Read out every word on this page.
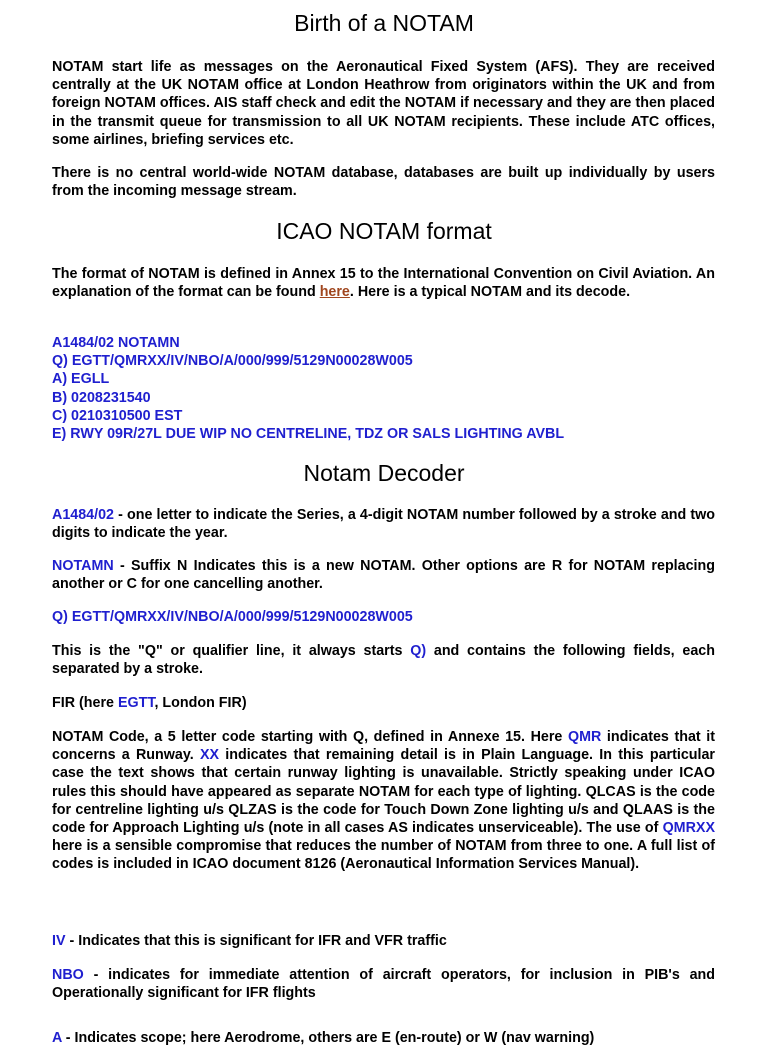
Birth of a NOTAM

NOTAM start life as messages on the Aeronautical Fixed System (AFS). They are received centrally at the UK NOTAM office at London Heathrow from originators within the UK and from foreign NOTAM offices. AIS staff check and edit the NOTAM if necessary and they are then placed in the transmit queue for transmission to all UK NOTAM recipients. These include ATC offices, some airlines, briefing services etc.

There is no central world-wide NOTAM database, databases are built up individually by users from the incoming message stream.

ICAO NOTAM format

The format of NOTAM is defined in Annex 15 to the International Convention on Civil Aviation. An explanation of the format can be found here. Here is a typical NOTAM and its decode.

A1484/02 NOTAMN
Q) EGTT/QMRXX/IV/NBO/A/000/999/5129N00028W005
A) EGLL
B) 0208231540
C) 0210310500 EST
E) RWY 09R/27L DUE WIP NO CENTRELINE, TDZ OR SALS LIGHTING AVBL

Notam Decoder

A1484/02 - one letter to indicate the Series, a 4-digit NOTAM number followed by a stroke and two digits to indicate the year.

NOTAMN - Suffix N Indicates this is a new NOTAM. Other options are R for NOTAM replacing another or C for one cancelling another.

Q) EGTT/QMRXX/IV/NBO/A/000/999/5129N00028W005

This is the "Q" or qualifier line, it always starts Q) and contains the following fields, each separated by a stroke.

FIR (here EGTT, London FIR)

NOTAM Code, a 5 letter code starting with Q, defined in Annexe 15. Here QMR indicates that it concerns a Runway. XX indicates that remaining detail is in Plain Language. In this particular case the text shows that certain runway lighting is unavailable. Strictly speaking under ICAO rules this should have appeared as separate NOTAM for each type of lighting. QLCAS is the code for centreline lighting u/s QLZAS is the code for Touch Down Zone lighting u/s and QLAAS is the code for Approach Lighting u/s (note in all cases AS indicates unserviceable). The use of QMRXX here is a sensible compromise that reduces the number of NOTAM from three to one. A full list of codes is included in ICAO document 8126 (Aeronautical Information Services Manual).

IV - Indicates that this is significant for IFR and VFR traffic

NBO - indicates for immediate attention of aircraft operators, for inclusion in PIB's and Operationally significant for IFR flights

A - Indicates scope; here Aerodrome, others are E (en-route) or W (nav warning)
